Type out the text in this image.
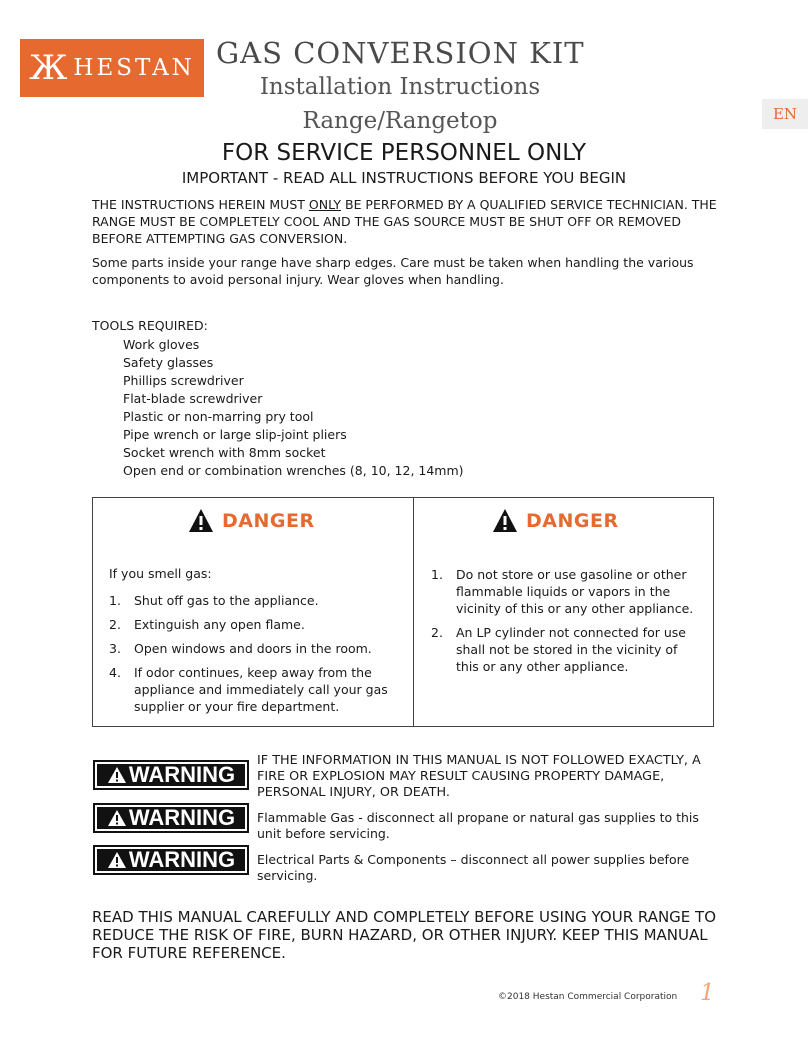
Ж HESTAN GAS CONVERSION KIT
Installation Instructions
Range/Rangetop	EN
FOR SERVICE PERSONNEL ONLY
IMPORTANT - READ ALL INSTRUCTIONS BEFORE YOU BEGIN
THE INSTRUCTIONS HEREIN MUST ONLY BE PERFORMED BY A QUALIFIED SERVICE TECHNICIAN. THE RANGE MUST BE COMPLETELY COOL AND THE GAS SOURCE MUST BE SHUT OFF OR REMOVED BEFORE ATTEMPTING GAS CONVERSION.
Some parts inside your range have sharp edges. Care must be taken when handling the various components to avoid personal injury. Wear gloves when handling.
TOOLS REQUIRED:
Work gloves
Safety glasses
Phillips screwdriver
Flat-blade screwdriver
Plastic or non-marring pry tool
Pipe wrench or large slip-joint pliers
Socket wrench with 8mm socket
Open end or combination wrenches (8, 10, 12, 14mm)
DANGER	DANGER
If you smell gas:
1.	Shut off gas to the appliance.
2.	Extinguish any open flame.
3.	Open windows and doors in the room.
4.	If odor continues, keep away from the appliance and immediately call your gas supplier or your fire department.
1.	Do not store or use gasoline or other flammable liquids or vapors in the vicinity of this or any other appliance.
2.	An LP cylinder not connected for use shall not be stored in the vicinity of this or any other appliance.
WARNING
IF THE INFORMATION IN THIS MANUAL IS NOT FOLLOWED EXACTLY, A FIRE OR EXPLOSION MAY RESULT CAUSING PROPERTY DAMAGE, PERSONAL INJURY, OR DEATH.
WARNING Flammable Gas - disconnect all propane or natural gas supplies to this unit before servicing.
WARNING Electrical Parts & Components – disconnect all power supplies before servicing.
READ THIS MANUAL CAREFULLY AND COMPLETELY BEFORE USING YOUR RANGE TO REDUCE THE RISK OF FIRE, BURN HAZARD, OR OTHER INJURY. KEEP THIS MANUAL FOR FUTURE REFERENCE.
©2018 Hestan Commercial Corporation 1
